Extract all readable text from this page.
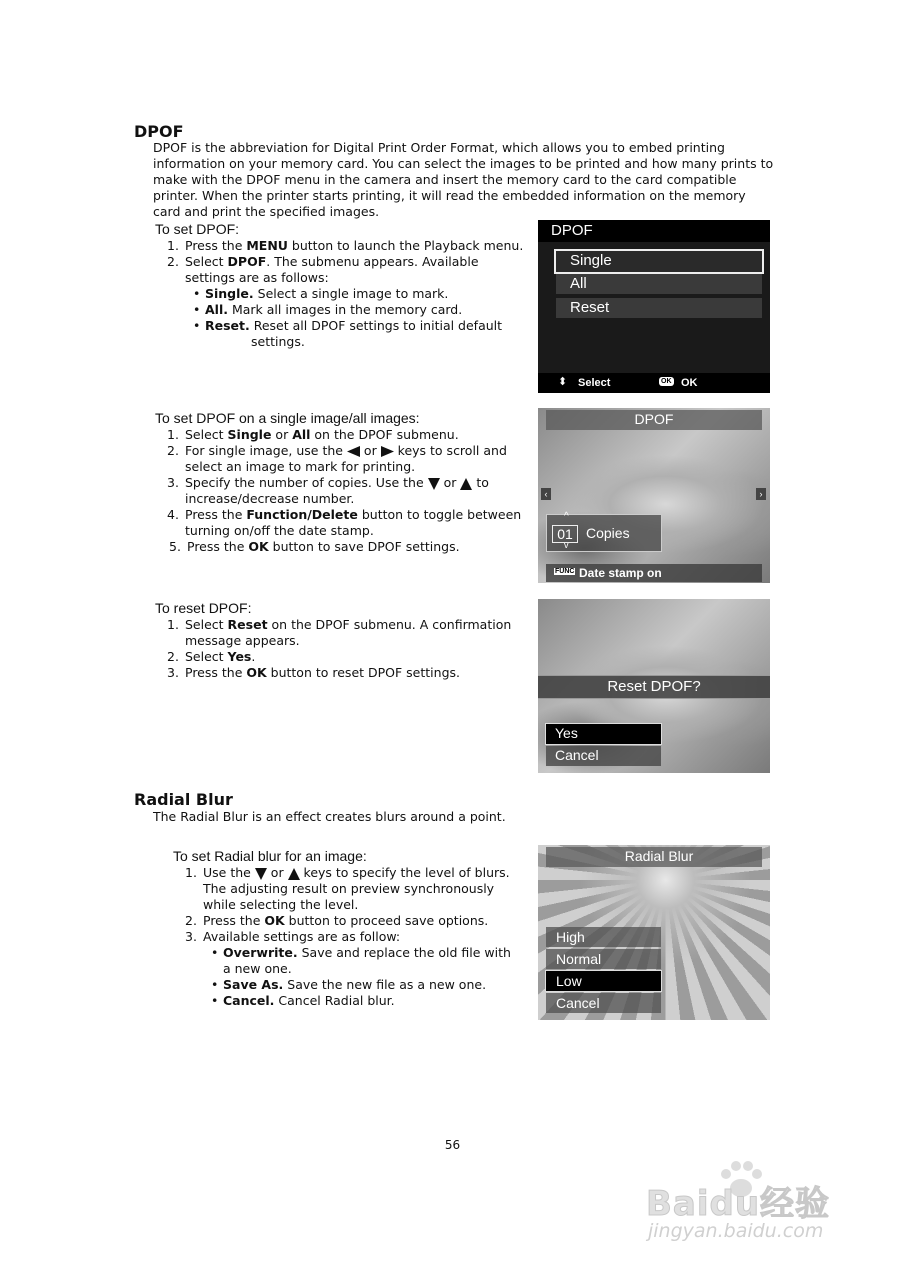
DPOF
DPOF is the abbreviation for Digital Print Order Format, which allows you to embed printing information on your memory card. You can select the images to be printed and how many prints to make with the DPOF menu in the camera and insert the memory card to the card compatible printer. When the printer starts printing, it will read the embedded information on the memory card and print the specified images.
To set DPOF:
1. Press the MENU button to launch the Playback menu.
2. Select DPOF. The submenu appears. Available settings are as follows:
• Single. Select a single image to mark.
• All. Mark all images in the memory card.
• Reset. Reset all DPOF settings to initial default
settings.
DPOF
Single
All
Reset
⬍ Select	OK OK
To set DPOF on a single image/all images:
1. Select Single or All on the DPOF submenu.
2. For single image, use the  or  keys to scroll and
select an image to mark for printing.
3. Specify the number of copies. Use the  or  to
increase/decrease number.
4. Press the Function/Delete button to toggle between
turning on/off the date stamp.
5. Press the OK button to save DPOF settings.
DPOF
‹	›
^
01 Copies
v
FUNC Date stamp on
To reset DPOF:
1. Select Reset on the DPOF submenu. A confirmation
message appears.
2. Select Yes.
3. Press the OK button to reset DPOF settings.
Reset DPOF?
Yes
Cancel
Radial Blur
The Radial Blur is an effect creates blurs around a point.
To set Radial blur for an image:
1. Use the  or  keys to specify the level of blurs.
The adjusting result on preview synchronously while selecting the level.
2. Press the OK button to proceed save options.
3. Available settings are as follow:
• Overwrite. Save and replace the old file with a new one.
• Save As. Save the new file as a new one.
• Cancel. Cancel Radial blur.
Radial Blur
High
Normal
Low
Cancel
56
Baidu经验
jingyan.baidu.com
